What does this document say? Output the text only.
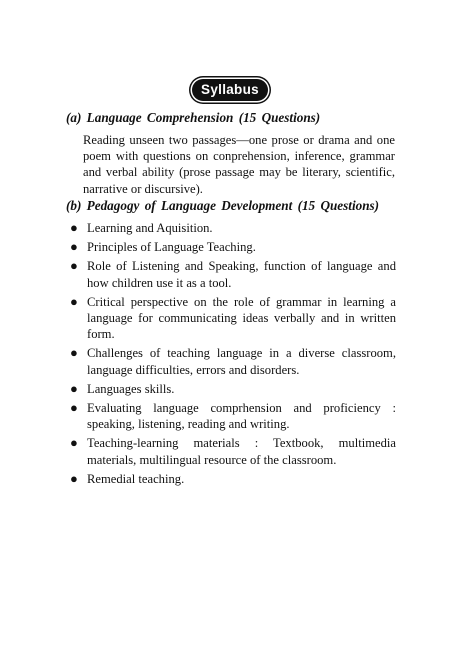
Syllabus
(a) Language Comprehension (15 Questions)
Reading unseen two passages—one prose or drama and one poem with questions on conprehension, inference, grammar and verbal ability (prose passage may be literary, scientific, narrative or discursive).
(b) Pedagogy of Language Development (15 Questions)
● Learning and Aquisition.
● Principles of Language Teaching.
● Role of Listening and Speaking, function of language and how children use it as a tool.
● Critical perspective on the role of grammar in learning a language for communicating ideas verbally and in written form.
● Challenges of teaching language in a diverse classroom, language difficulties, errors and disorders.
● Languages skills.
● Evaluating language comprhension and proficiency : speaking, listening, reading and writing.
● Teaching-learning materials : Textbook, multimedia materials, multilingual resource of the classroom.
● Remedial teaching.
